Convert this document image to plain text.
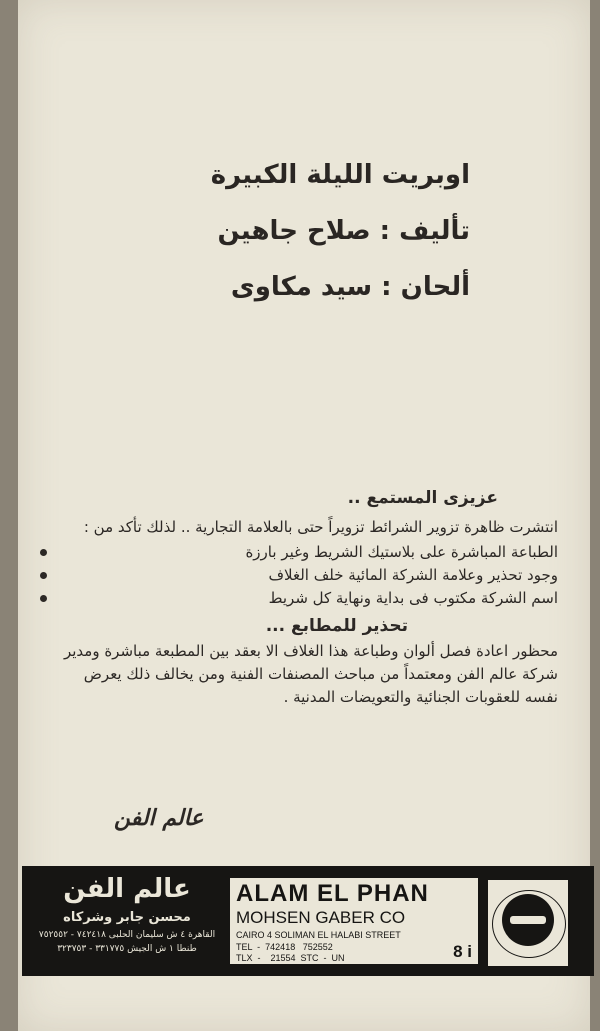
اوبريت الليلة الكبيرة
تأليف : صلاح جاهين
ألحان : سيد مكاوى
عزيزى المستمع ..
انتشرت ظاهرة تزوير الشرائط تزويراً حتى بالعلامة التجارية .. لذلك تأكد من :
الطباعة المباشرة على بلاستيك الشريط وغير بارزة
وجود تحذير وعلامة الشركة المائية خلف الغلاف
اسم الشركة مكتوب فى بداية ونهاية كل شريط
تحذير للمطابع ...
محظور اعادة فصل ألوان وطباعة هذا الغلاف الا بعقد بين المطبعة مباشرة ومدير شركة عالم الفن ومعتمداً من مباحث المصنفات الفنية ومن يخالف ذلك يعرض نفسه للعقوبات الجنائية والتعويضات المدنية .
عالم الفن
عالم الفن
محسن جابر وشركاه
القاهرة ٤ ش سليمان الحلبى ٧٤٢٤١٨ - ٧٥٢٥٥٢
طنطا ١ ش الجيش ٣٣١٧٧٥ - ٣٢٣٧٥٣
ALAM EL PHAN
MOHSEN GABER CO
CAIRO 4 SOLIMAN EL HALABI STREET
TEL  -  742418   752552
TLX  -    21554  STC  -  UN	8 i
